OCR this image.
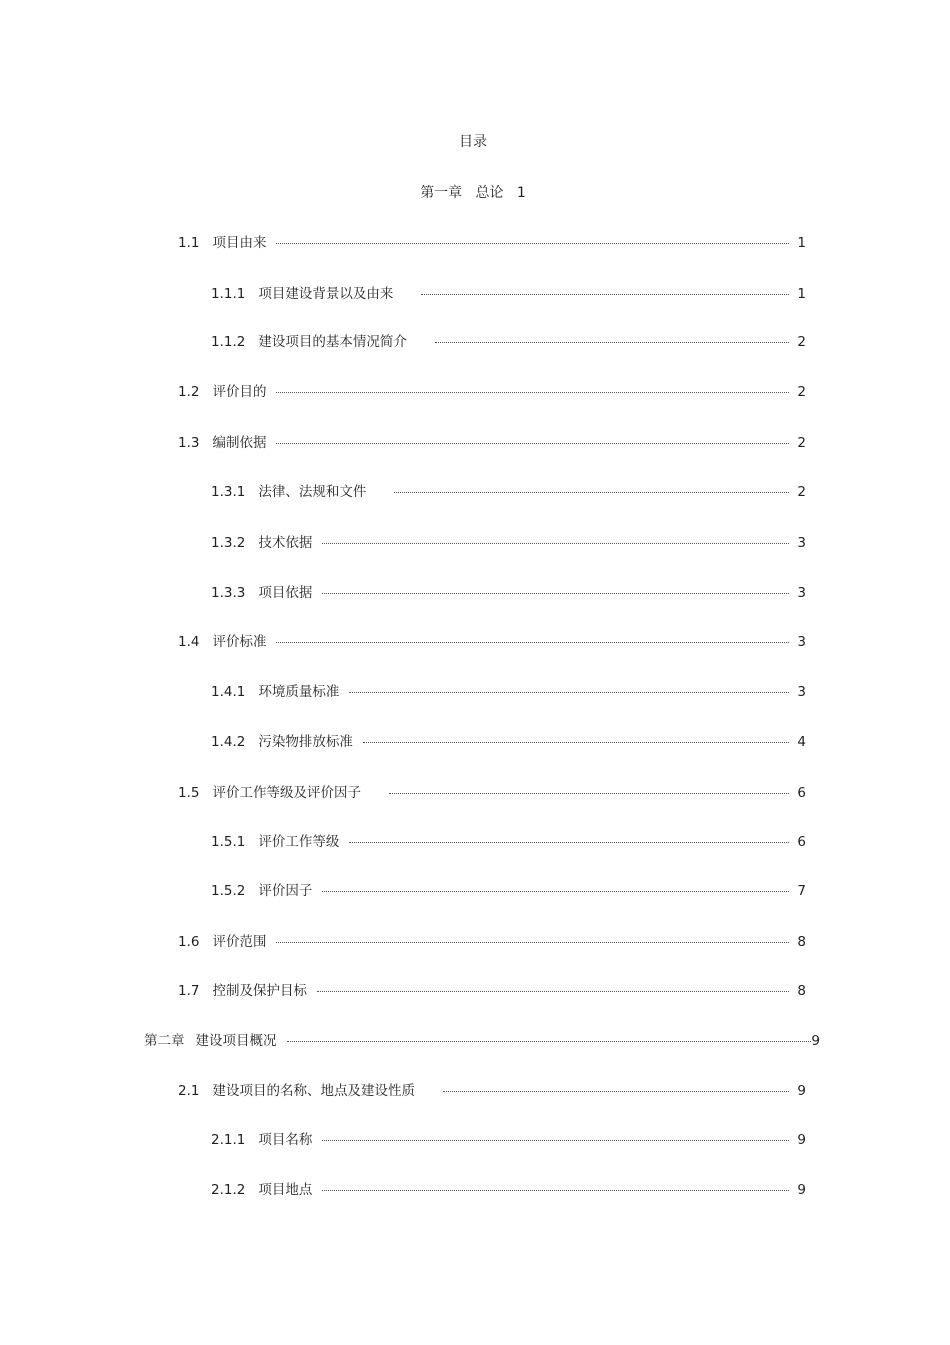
目录
第一章   总论   1
1.1 项目由来	1
1.1.1 项目建设背景以及由来	1
1.1.2 建设项目的基本情况简介	2
1.2 评价目的	2
1.3 编制依据	2
1.3.1 法律、法规和文件	2
1.3.2 技术依据	3
1.3.3 项目依据	3
1.4 评价标准	3
1.4.1 环境质量标准	3
1.4.2 污染物排放标准	4
1.5 评价工作等级及评价因子	6
1.5.1 评价工作等级	6
1.5.2 评价因子	7
1.6 评价范围	8
1.7 控制及保护目标	8
第二章 建设项目概况	9
2.1 建设项目的名称、地点及建设性质	9
2.1.1 项目名称	9
2.1.2 项目地点	9
